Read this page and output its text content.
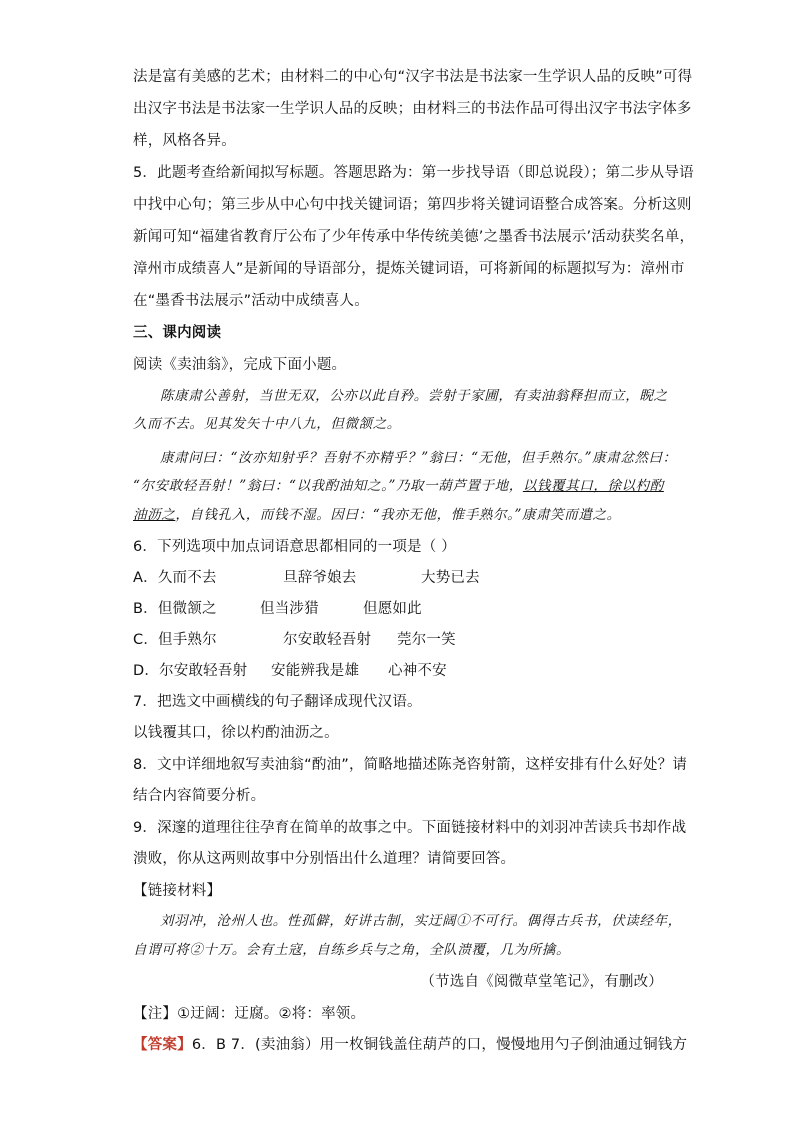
法是富有美感的艺术；由材料二的中心句“汉字书法是书法家一生学识人品的反映”可得
出汉字书法是书法家一生学识人品的反映；由材料三的书法作品可得出汉字书法字体多
样，风格各异。
5．此题考查给新闻拟写标题。答题思路为：第一步找导语（即总说段）；第二步从导语
中找中心句；第三步从中心句中找关键词语；第四步将关键词语整合成答案。分析这则
新闻可知“福建省教育厅公布了少年传承中华传统美德’之墨香书法展示’活动获奖名单，
漳州市成绩喜人”是新闻的导语部分，提炼关键词语，可将新闻的标题拟写为：漳州市
在“墨香书法展示”活动中成绩喜人。
三、课内阅读
阅读《卖油翁》，完成下面小题。
陈康肃公善射，当世无双，公亦以此自矜。尝射于家圃，有卖油翁释担而立，睨之
久而不去。见其发矢十中八九，但微颔之。
康肃问曰：“汝亦知射乎？吾射不亦精乎？”翁曰：“无他，但手熟尔。”康肃忿然曰：
“尔安敢轻吾射！”翁曰：“以我酌油知之。”乃取一葫芦置于地，以钱覆其口，徐以杓酌
油沥之，自钱孔入，而钱不湿。因曰：“我亦无他，惟手熟尔。”康肃笑而遣之。
6．下列选项中加点词语意思都相同的一项是（ ）
A．久而不去	旦辞爷娘去	大势已去
B．但微颔之	但当涉猎	但愿如此
C．但手熟尔	尔安敢轻吾射 莞尔一笑
D．尔安敢轻吾射 安能辨我是雄 心神不安
7．把选文中画横线的句子翻译成现代汉语。
以钱覆其口，徐以杓酌油沥之。
8．文中详细地叙写卖油翁“酌油”，简略地描述陈尧咨射箭，这样安排有什么好处？请
结合内容简要分析。
9．深邃的道理往往孕育在简单的故事之中。下面链接材料中的刘羽冲苦读兵书却作战
溃败，你从这两则故事中分别悟出什么道理？请简要回答。
【链接材料】
刘羽冲，沧州人也。性孤僻，好讲古制，实迂阔①不可行。偶得古兵书，伏读经年，
自谓可将②十万。会有土寇，自练乡兵与之角，全队溃覆，几为所擒。
（节选自《阅微草堂笔记》，有删改）
【注】①迂阔：迂腐。②将：率领。
【答案】6．B 7．(卖油翁）用一枚铜钱盖住葫芦的口，慢慢地用勺子倒油通过铜钱方
